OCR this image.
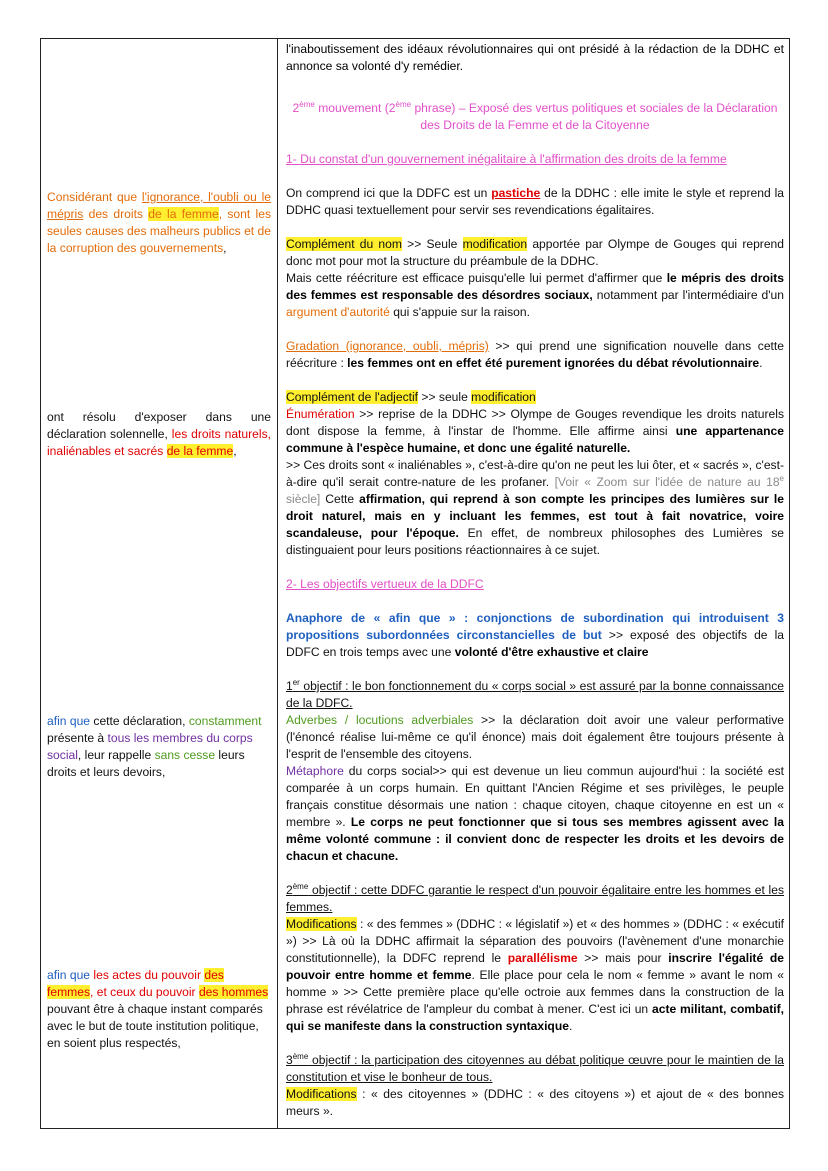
Considérant que l'ignorance, l'oubli ou le mépris des droits de la femme, sont les seules causes des malheurs publics et de la corruption des gouvernements,
ont résolu d'exposer dans une déclaration solennelle, les droits naturels, inaliénables et sacrés de la femme,
afin que cette déclaration, constamment présente à tous les membres du corps social, leur rappelle sans cesse leurs droits et leurs devoirs,
afin que les actes du pouvoir des femmes, et ceux du pouvoir des hommes pouvant être à chaque instant comparés avec le but de toute institution politique, en soient plus respectés,

l'inaboutissement des idéaux révolutionnaires qui ont présidé à la rédaction de la DDHC et annonce sa volonté d'y remédier.

2ème mouvement (2ème phrase) – Exposé des vertus politiques et sociales de la Déclaration des Droits de la Femme et de la Citoyenne

1- Du constat d'un gouvernement inégalitaire à l'affirmation des droits de la femme

On comprend ici que la DDFC est un pastiche de la DDHC : elle imite le style et reprend la DDHC quasi textuellement pour servir ses revendications égalitaires.

Complément du nom >> Seule modification apportée par Olympe de Gouges qui reprend donc mot pour mot la structure du préambule de la DDHC.
Mais cette réécriture est efficace puisqu'elle lui permet d'affirmer que le mépris des droits des femmes est responsable des désordres sociaux, notamment par l'intermédiaire d'un argument d'autorité qui s'appuie sur la raison.

Gradation (ignorance, oubli, mépris) >> qui prend une signification nouvelle dans cette réécriture : les femmes ont en effet été purement ignorées du débat révolutionnaire.

Complément de l'adjectif >> seule modification
Énumération >> reprise de la DDHC >> Olympe de Gouges revendique les droits naturels dont dispose la femme, à l'instar de l'homme. Elle affirme ainsi une appartenance commune à l'espèce humaine, et donc une égalité naturelle.
>> Ces droits sont « inaliénables », c'est-à-dire qu'on ne peut les lui ôter, et « sacrés », c'est-à-dire qu'il serait contre-nature de les profaner. [Voir « Zoom sur l'idée de nature au 18e siècle] Cette affirmation, qui reprend à son compte les principes des lumières sur le droit naturel, mais en y incluant les femmes, est tout à fait novatrice, voire scandaleuse, pour l'époque. En effet, de nombreux philosophes des Lumières se distinguaient pour leurs positions réactionnaires à ce sujet.

2- Les objectifs vertueux de la DDFC

Anaphore de « afin que » : conjonctions de subordination qui introduisent 3 propositions subordonnées circonstancielles de but >> exposé des objectifs de la DDFC en trois temps avec une volonté d'être exhaustive et claire

1er objectif : le bon fonctionnement du « corps social » est assuré par la bonne connaissance de la DDFC.

Adverbes / locutions adverbiales >> la déclaration doit avoir une valeur performative (l'énoncé réalise lui-même ce qu'il énonce) mais doit également être toujours présente à l'esprit de l'ensemble des citoyens.
Métaphore du corps social>> qui est devenue un lieu commun aujourd'hui : la société est comparée à un corps humain. En quittant l'Ancien Régime et ses privilèges, le peuple français constitue désormais une nation : chaque citoyen, chaque citoyenne en est un « membre ». Le corps ne peut fonctionner que si tous ses membres agissent avec la même volonté commune : il convient donc de respecter les droits et les devoirs de chacun et chacune.

2ème objectif : cette DDFC garantie le respect d'un pouvoir égalitaire entre les hommes et les femmes.

Modifications : « des femmes » (DDHC : « législatif ») et « des hommes » (DDHC : « exécutif ») >> Là où la DDHC affirmait la séparation des pouvoirs (l'avènement d'une monarchie constitutionnelle), la DDFC reprend le parallélisme >> mais pour inscrire l'égalité de pouvoir entre homme et femme. Elle place pour cela le nom « femme » avant le nom « homme » >> Cette première place qu'elle octroie aux femmes dans la construction de la phrase est révélatrice de l'ampleur du combat à mener. C'est ici un acte militant, combatif, qui se manifeste dans la construction syntaxique.

3ème objectif : la participation des citoyennes au débat politique œuvre pour le maintien de la constitution et vise le bonheur de tous.

Modifications : « des citoyennes » (DDHC : « des citoyens ») et ajout de « des bonnes meurs ».
